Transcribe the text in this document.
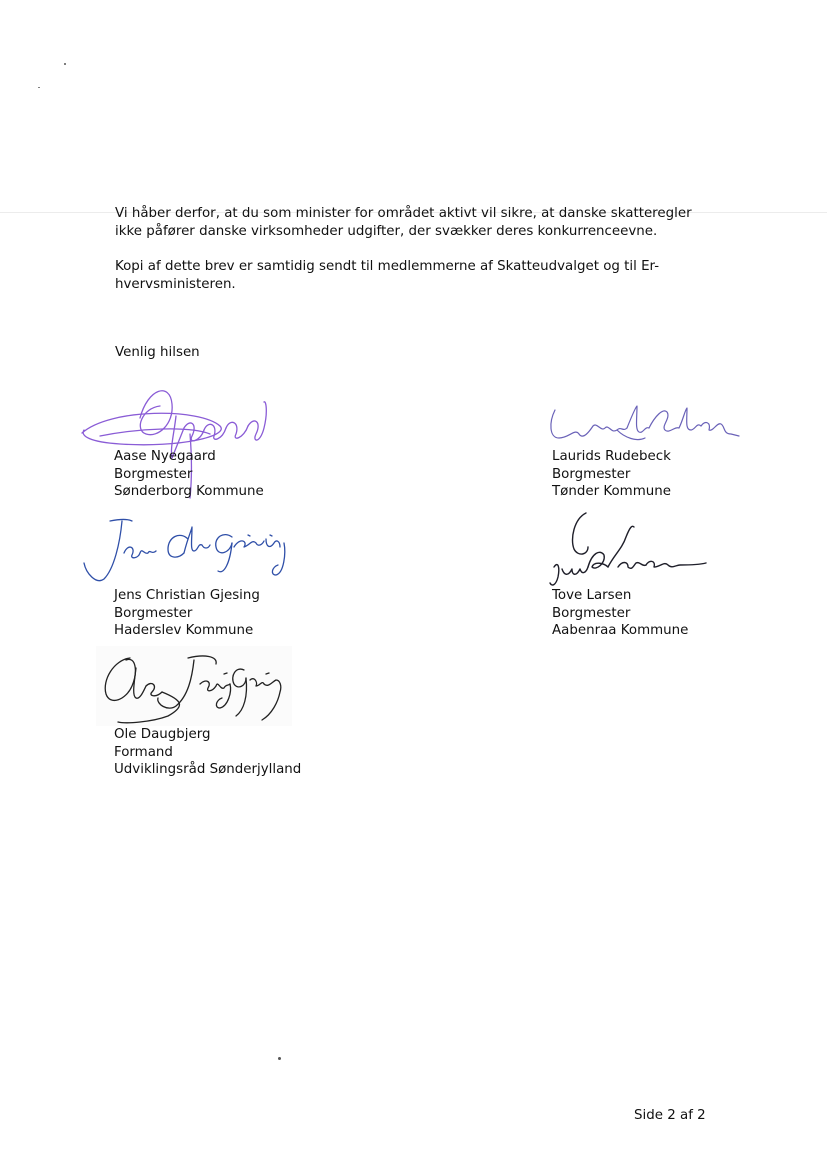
Vi håber derfor, at du som minister for området aktivt vil sikre, at danske skatteregler
ikke påfører danske virksomheder udgifter, der svækker deres konkurrenceevne.

Kopi af dette brev er samtidig sendt til medlemmerne af Skatteudvalget og til Er-
hvervsministeren.

Venlig hilsen

Aase Nyegaard
Borgmester
Sønderborg Kommune
Laurids Rudebeck
Borgmester
Tønder Kommune
Jens Christian Gjesing
Borgmester
Haderslev Kommune
Tove Larsen
Borgmester
Aabenraa Kommune
Ole Daugbjerg
Formand
Udviklingsråd Sønderjylland
Side 2 af 2
